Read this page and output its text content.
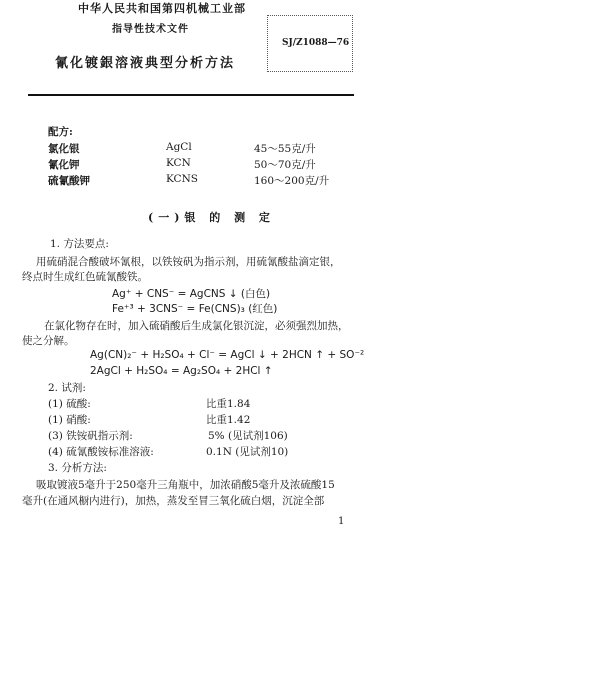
中华人民共和国第四机械工业部
指导性技术文件
氰化镀銀溶液典型分析方法
SJ/Z1088—76
配方:
氯化银	AgCl	45～55克/升
氰化钾	KCN	50～70克/升
硫氰酸钾	KCNS	160～200克/升
(一)银 的 测 定
1. 方法要点:
用硫硝混合酸破坏氰根，以铁铵矾为指示剂，用硫氰酸盐滴定银，
终点时生成红色硫氰酸铁。
Ag⁺ + CNS⁻ = AgCNS ↓ (白色)
Fe⁺³ + 3CNS⁻ = Fe(CNS)₃ (红色)
在氯化物存在时，加入硫硝酸后生成氯化银沉淀，必须强烈加热，
使之分解。
Ag(CN)₂⁻ + H₂SO₄ + Cl⁻ = AgCl ↓ + 2HCN ↑ + SO⁻²
2AgCl + H₂SO₄ = Ag₂SO₄ + 2HCl ↑
2. 试剂:
(1) 硫酸:	比重1.84
(1) 硝酸:	比重1.42
(3) 铁铵矾指示剂:	5% (见试剂106)
(4) 硫氰酸铵标准溶液:	0.1N (见试剂10)
3. 分析方法:
吸取镀液5毫升于250毫升三角瓶中，加浓硝酸5毫升及浓硫酸15
毫升(在通风橱内进行)，加热，蒸发至冒三氧化硫白烟，沉淀全部
1
